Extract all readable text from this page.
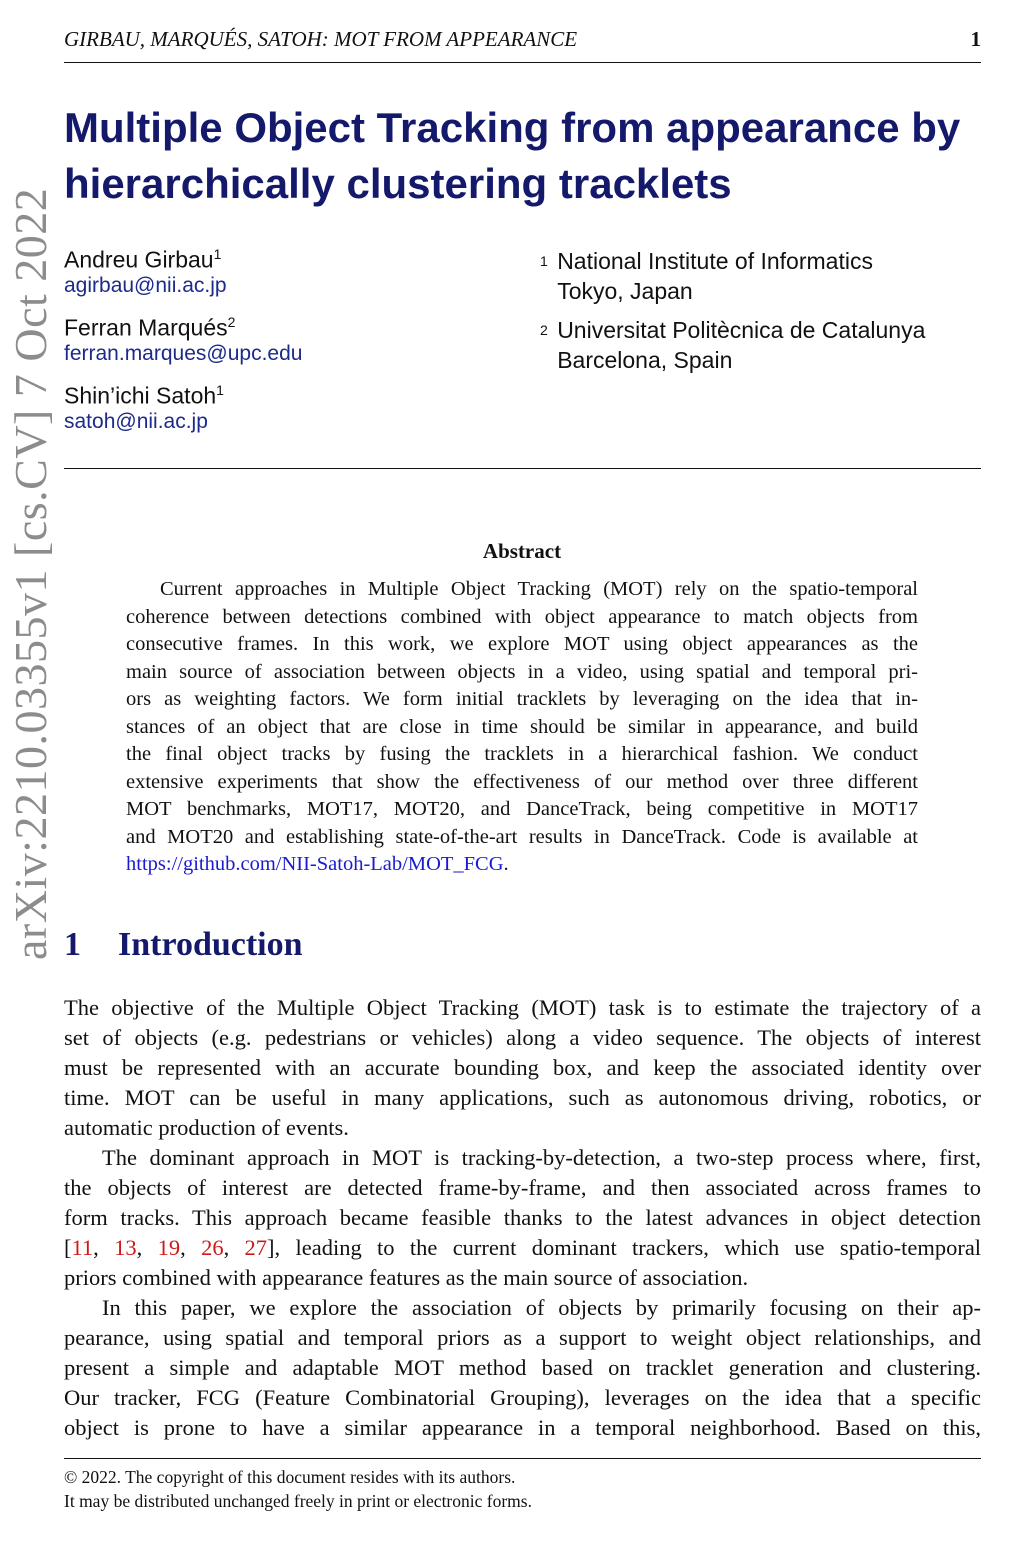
arXiv:2210.03355v1 [cs.CV] 7 Oct 2022
GIRBAU, MARQUÉS, SATOH: MOT FROM APPEARANCE	1
Multiple Object Tracking from appearance by
hierarchically clustering tracklets
Andreu Girbau$^1$
agirbau@nii.ac.jp
Ferran Marqués$^2$
ferran.marques@upc.edu
Shin’ichi Satoh$^1$
satoh@nii.ac.jp
$^1$ National Institute of Informatics
Tokyo, Japan
$^2$ Universitat Politècnica de Catalunya
Barcelona, Spain
Abstract
Current approaches in Multiple Object Tracking (MOT) rely on the spatio-temporal
coherence between detections combined with object appearance to match objects from
consecutive frames. In this work, we explore MOT using object appearances as the
main source of association between objects in a video, using spatial and temporal pri-
ors as weighting factors. We form initial tracklets by leveraging on the idea that in-
stances of an object that are close in time should be similar in appearance, and build
the final object tracks by fusing the tracklets in a hierarchical fashion. We conduct
extensive experiments that show the effectiveness of our method over three different
MOT benchmarks, MOT17, MOT20, and DanceTrack, being competitive in MOT17
and MOT20 and establishing state-of-the-art results in DanceTrack. Code is available at
https://github.com/NII-Satoh-Lab/MOT_FCG.
1 Introduction
The objective of the Multiple Object Tracking (MOT) task is to estimate the trajectory of a
set of objects (e.g. pedestrians or vehicles) along a video sequence. The objects of interest
must be represented with an accurate bounding box, and keep the associated identity over
time. MOT can be useful in many applications, such as autonomous driving, robotics, or
automatic production of events.
The dominant approach in MOT is tracking-by-detection, a two-step process where, first,
the objects of interest are detected frame-by-frame, and then associated across frames to
form tracks. This approach became feasible thanks to the latest advances in object detection
[11, 13, 19, 26, 27], leading to the current dominant trackers, which use spatio-temporal
priors combined with appearance features as the main source of association.
In this paper, we explore the association of objects by primarily focusing on their ap-
pearance, using spatial and temporal priors as a support to weight object relationships, and
present a simple and adaptable MOT method based on tracklet generation and clustering.
Our tracker, FCG (Feature Combinatorial Grouping), leverages on the idea that a specific
object is prone to have a similar appearance in a temporal neighborhood. Based on this,
© 2022. The copyright of this document resides with its authors.
It may be distributed unchanged freely in print or electronic forms.
